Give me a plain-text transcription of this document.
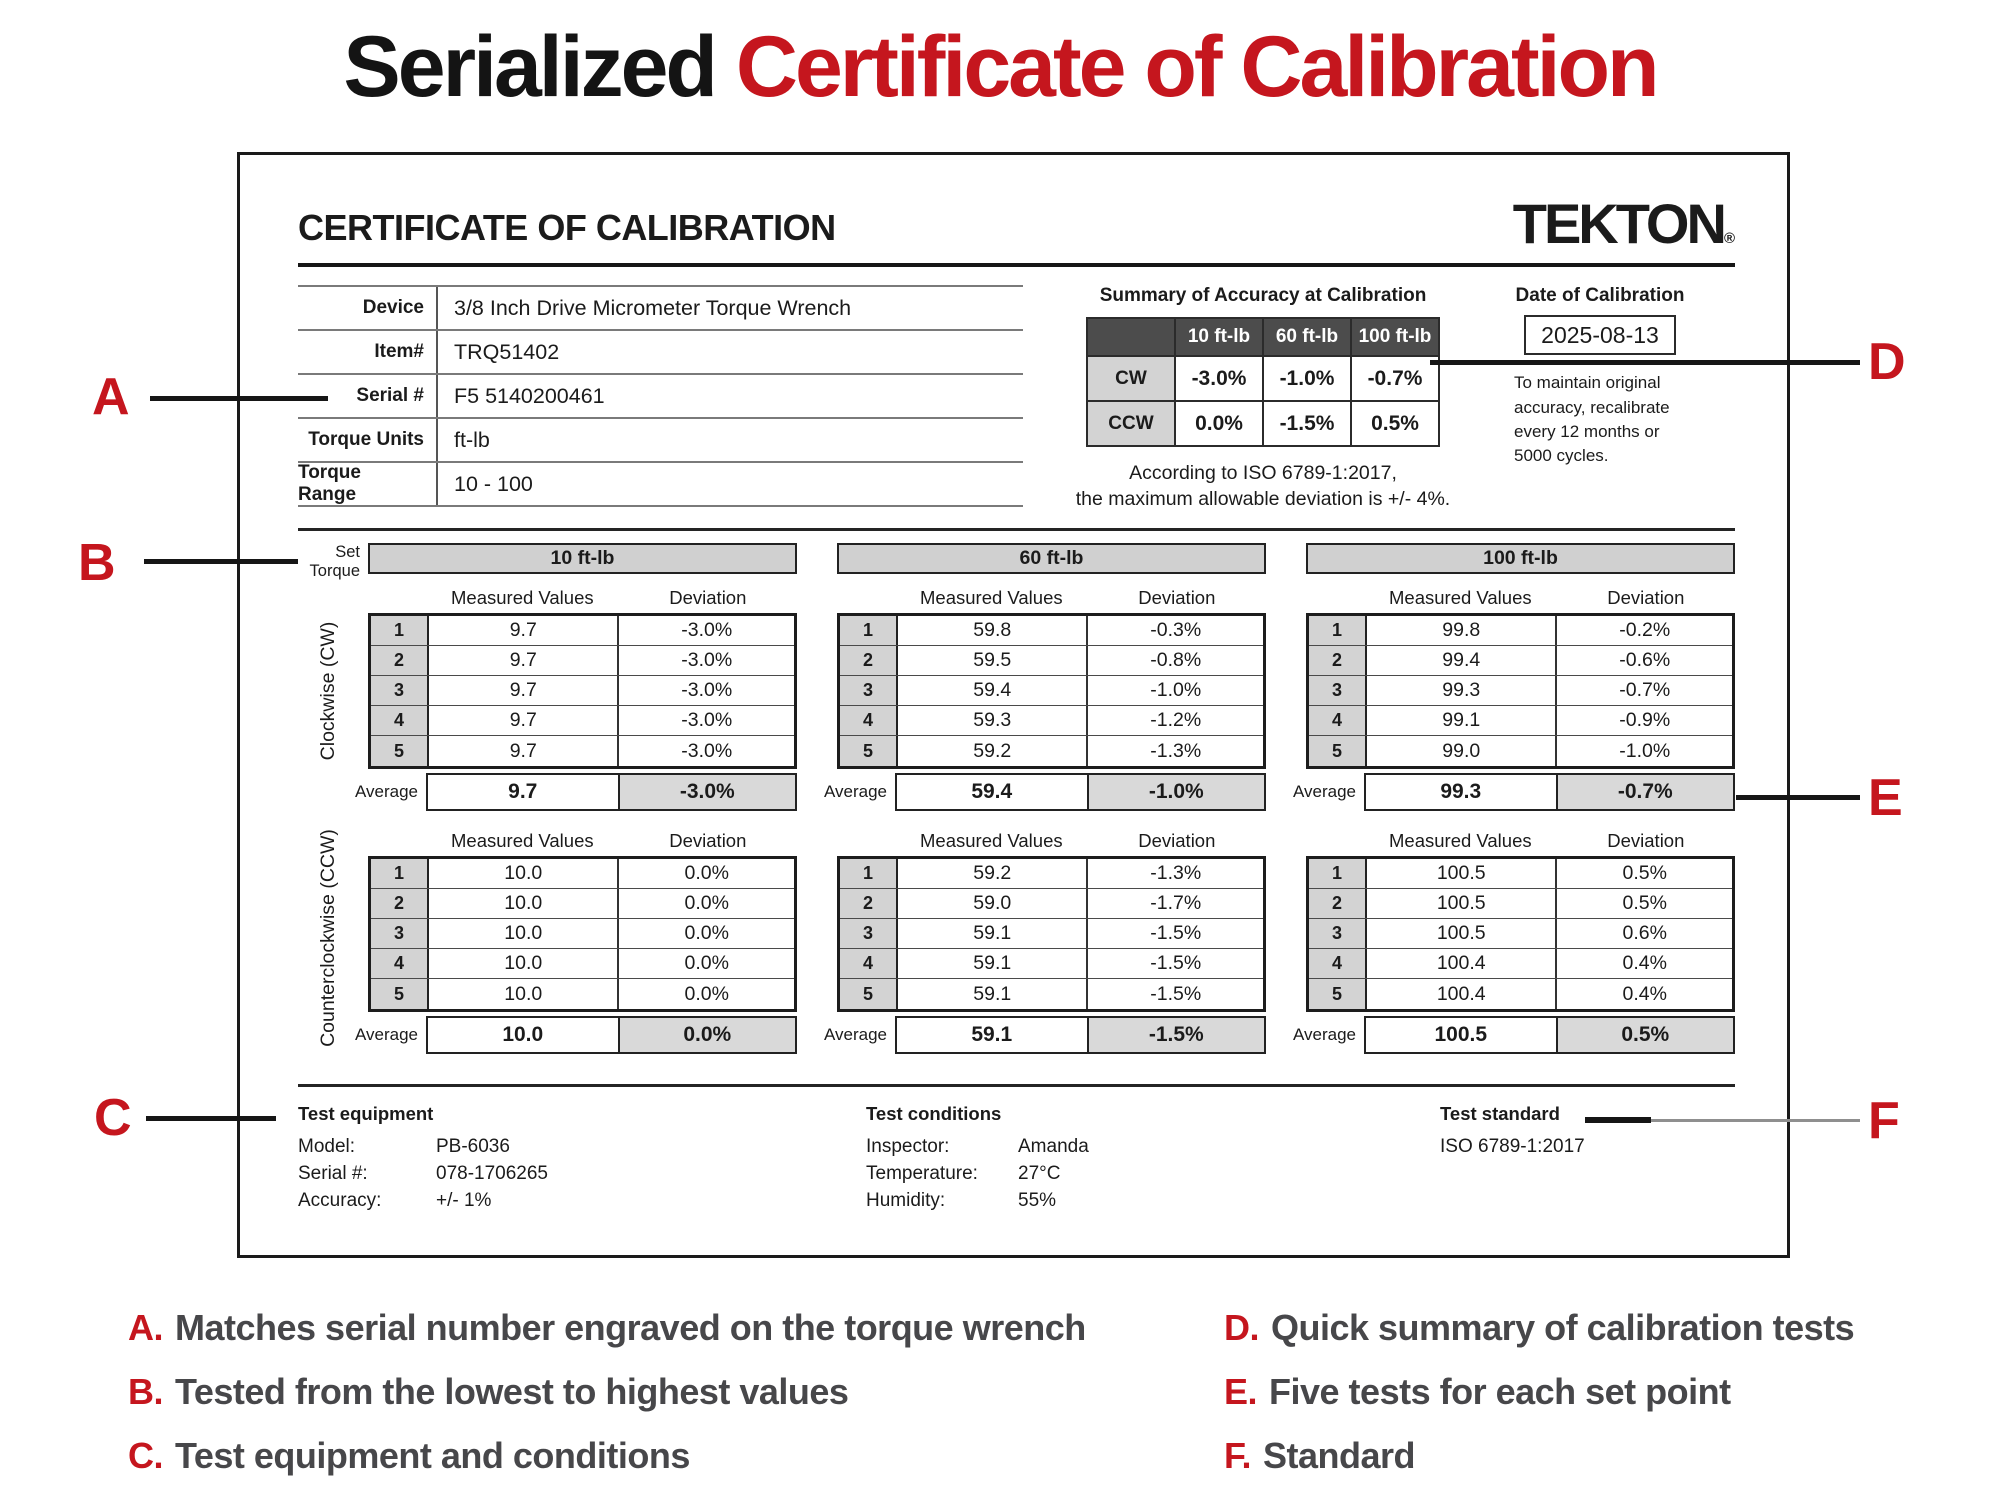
Serialized Certificate of Calibration
CERTIFICATE OF CALIBRATION	TEKTON®
Device	3/8 Inch Drive Micrometer Torque Wrench
Item#	TRQ51402
Serial #	F5 5140200461
Torque Units	ft-lb
Torque Range	10 - 100
Summary of Accuracy at Calibration
	10 ft-lb	60 ft-lb	100 ft-lb
CW	-3.0%	-1.0%	-0.7%
CCW	0.0%	-1.5%	0.5%
According to ISO 6789-1:2017,
the maximum allowable deviation is +/- 4%.
Date of Calibration
2025-08-13
To maintain original accuracy, recalibrate every 12 months or 5000 cycles.
Set
Torque
Clockwise (CW)
Counterclockwise (CCW)
10 ft-lb	60 ft-lb	100 ft-lb
Measured Values	Deviation
1	9.7	-3.0%
2	9.7	-3.0%
3	9.7	-3.0%
4	9.7	-3.0%
5	9.7	-3.0%
Average	9.7	-3.0%
Measured Values	Deviation
1	59.8	-0.3%
2	59.5	-0.8%
3	59.4	-1.0%
4	59.3	-1.2%
5	59.2	-1.3%
Average	59.4	-1.0%
Measured Values	Deviation
1	99.8	-0.2%
2	99.4	-0.6%
3	99.3	-0.7%
4	99.1	-0.9%
5	99.0	-1.0%
Average	99.3	-0.7%
Measured Values	Deviation
1	10.0	0.0%
2	10.0	0.0%
3	10.0	0.0%
4	10.0	0.0%
5	10.0	0.0%
Average	10.0	0.0%
Measured Values	Deviation
1	59.2	-1.3%
2	59.0	-1.7%
3	59.1	-1.5%
4	59.1	-1.5%
5	59.1	-1.5%
Average	59.1	-1.5%
Measured Values	Deviation
1	100.5	0.5%
2	100.5	0.5%
3	100.5	0.6%
4	100.4	0.4%
5	100.4	0.4%
Average	100.5	0.5%
Test equipment
Model:	PB-6036
Serial #:	078-1706265
Accuracy:	+/- 1%
Test conditions
Inspector:	Amanda
Temperature:	27°C
Humidity:	55%
Test standard
ISO 6789-1:2017
A
B
C
D
E
F
A. Matches serial number engraved on the torque wrench
B. Tested from the lowest to highest values
C. Test equipment and conditions
D. Quick summary of calibration tests
E. Five tests for each set point
F. Standard
